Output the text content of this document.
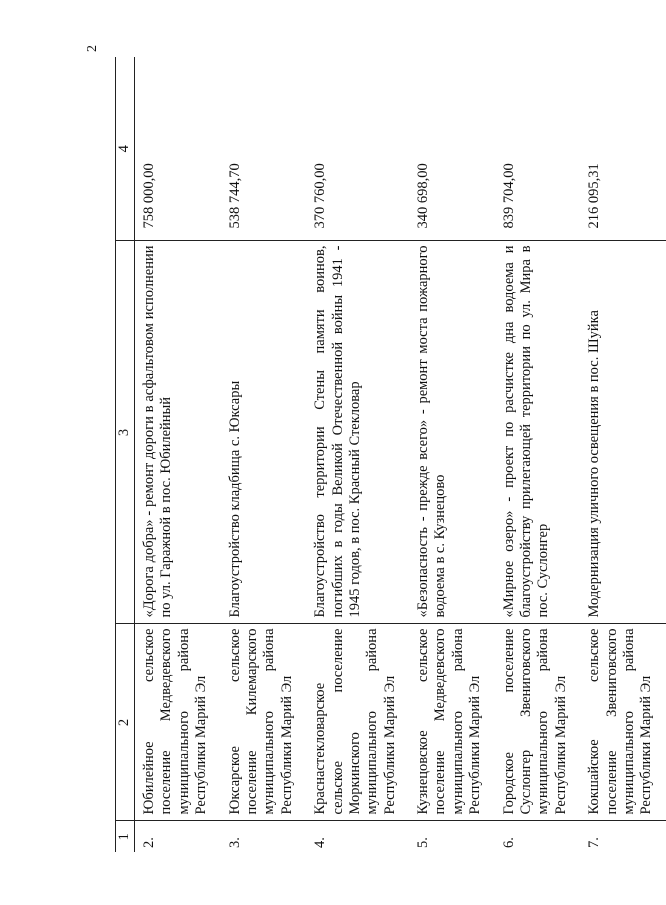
2
1	2	3	4
2.	Юбилейное сельское поселение Медведевского муниципального района Республики Марий Эл	«Дорога добра» - ремонт дороги в асфальтовом исполнении по ул. Гаражной в пос. Юбилейный	758 000,00
3.	Юксарское сельское поселение Килемарского муниципального района Республики Марий Эл	Благоустройство кладбища с. Юксары	538 744,70
4.	Краснастекловарское сельское поселение Моркинского муниципального района Республики Марий Эл	Благоустройство территории Стены памяти воинов, погибших в годы Великой Отечественной войны 1941 - 1945 годов, в пос. Красный Стекловар	370 760,00
5.	Кузнецовское сельское поселение Медведевского муниципального района Республики Марий Эл	«Безопасность - прежде всего» - ремонт моста пожарного водоема в с. Кузнецово	340 698,00
6.	Городское поселение Суслонгер Звениговского муниципального района Республики Марий Эл	«Мирное озеро» - проект по расчистке дна водоема и благоустройству прилегающей территории по ул. Мира в пос. Суслонгер	839 704,00
7.	Кокшайское сельское поселение Звениговского муниципального района Республики Марий Эл	Модернизация уличного освещения в пос. Шуйка	216 095,31
